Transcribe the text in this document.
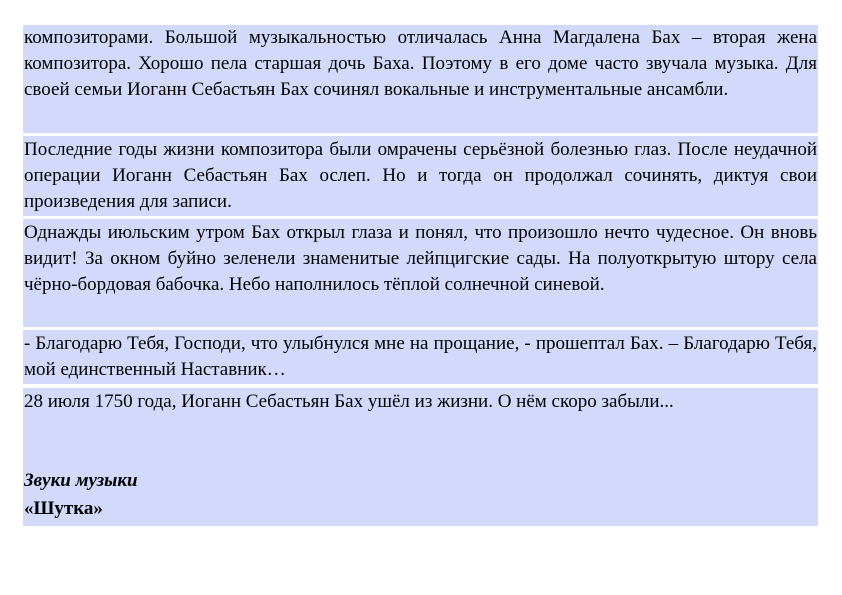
композиторами. Большой музыкальностью отличалась Анна Магдалена Бах – вторая жена композитора. Хорошо пела старшая дочь Баха. Поэтому в его доме часто звучала музыка. Для своей семьи Иоганн Себастьян Бах сочинял вокальные и инструментальные ансамбли.

Последние годы жизни композитора были омрачены серьёзной болезнью глаз. После неудачной операции Иоганн Себастьян Бах ослеп. Но и тогда он продолжал сочинять, диктуя свои произведения для записи.

Однажды июльским утром Бах открыл глаза и понял, что произошло нечто чудесное. Он вновь видит! За окном буйно зеленели знаменитые лейпцигские сады. На полуоткрытую штору села чёрно-бордовая бабочка. Небо наполнилось тёплой солнечной синевой.

- Благодарю Тебя, Господи, что улыбнулся мне на прощание, - прошептал Бах. – Благодарю Тебя, мой единственный Наставник…

28 июля 1750 года, Иоганн Себастьян Бах ушёл из жизни. О нём скоро забыли...

Звуки музыки

«Шутка»
